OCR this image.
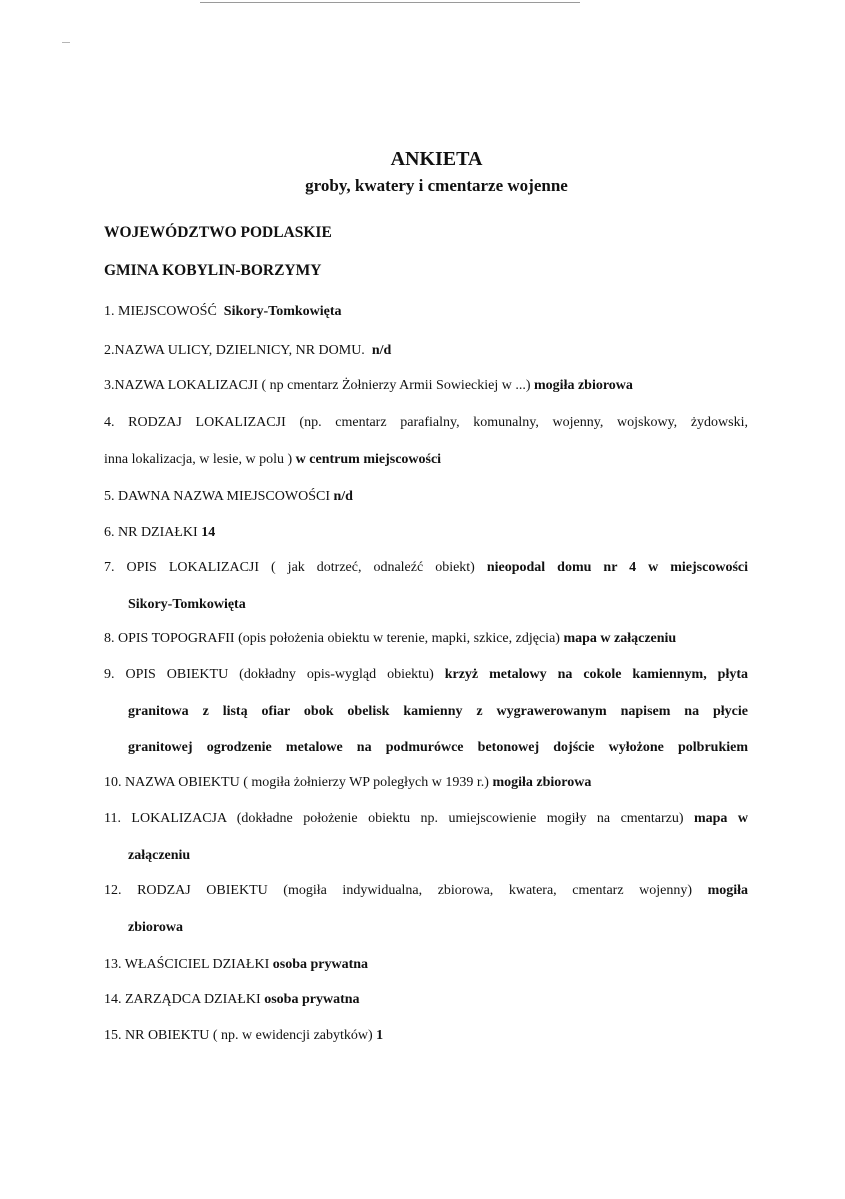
ANKIETA
groby, kwatery i cmentarze wojenne
WOJEWÓDZTWO PODLASKIE
GMINA KOBYLIN-BORZYMY
1. MIEJSCOWOŚĆ Sikory-Tomkowięta
2.NAZWA ULICY, DZIELNICY, NR DOMU. n/d
3.NAZWA LOKALIZACJI ( np cmentarz Żołnierzy Armii Sowieckiej w ...) mogiła zbiorowa
4. RODZAJ LOKALIZACJI (np. cmentarz parafialny, komunalny, wojenny, wojskowy, żydowski,
inna lokalizacja, w lesie, w polu ) w centrum miejscowości
5. DAWNA NAZWA MIEJSCOWOŚCI n/d
6. NR DZIAŁKI 14
7. OPIS LOKALIZACJI ( jak dotrzeć, odnaleźć obiekt) nieopodal domu nr 4 w miejscowości
Sikory-Tomkowięta
8. OPIS TOPOGRAFII (opis położenia obiektu w terenie, mapki, szkice, zdjęcia) mapa w załączeniu
9. OPIS OBIEKTU (dokładny opis-wygląd obiektu) krzyż metalowy na cokole kamiennym, płyta
granitowa z listą ofiar obok obelisk kamienny z wygrawerowanym napisem na płycie
granitowej ogrodzenie metalowe na podmurówce betonowej dojście wyłożone polbrukiem
10. NAZWA OBIEKTU ( mogiła żołnierzy WP poległych w 1939 r.) mogiła zbiorowa
11. LOKALIZACJA (dokładne położenie obiektu np. umiejscowienie mogiły na cmentarzu) mapa w
załączeniu
12. RODZAJ OBIEKTU (mogiła indywidualna, zbiorowa, kwatera, cmentarz wojenny) mogiła
zbiorowa
13. WŁAŚCICIEL DZIAŁKI osoba prywatna
14. ZARZĄDCA DZIAŁKI osoba prywatna
15. NR OBIEKTU ( np. w ewidencji zabytków) 1
